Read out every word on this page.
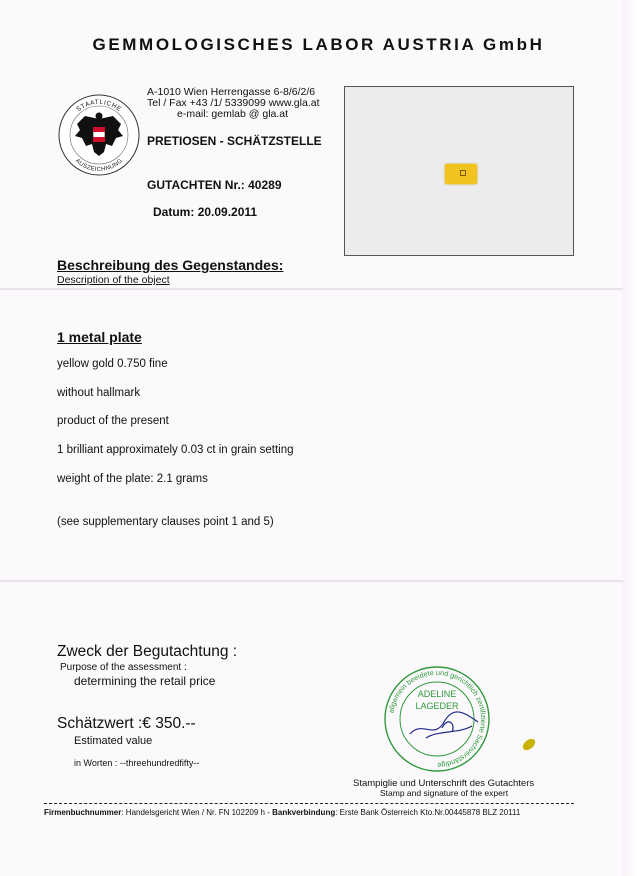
GEMMOLOGISCHES LABOR AUSTRIA GmbH
STAATLICHE
AUSZEICHNUNG
A-1010 Wien Herrengasse 6-8/6/2/6
Tel / Fax +43 /1/ 5339099 www.gla.at
e-mail: gemlab @ gla.at
PRETIOSEN - SCHÄTZSTELLE
GUTACHTEN Nr.: 40289
Datum: 20.09.2011
Beschreibung des Gegenstandes:
Description of the object
1 metal plate
yellow gold 0.750 fine
without hallmark
product of the present
1 brilliant approximately 0.03 ct in grain setting
weight of the plate: 2.1 grams
(see supplementary clauses point 1 and 5)
Zweck der Begutachtung :
Purpose of the assessment :
determining the retail price
Schätzwert :€ 350.--
Estimated value
in Worten : --threehundredfifty--
allgemein beeidete und gerichtlich zertifizierte Sachverständige
ADELINE
LAGEDER
Stampiglie und Unterschrift des Gutachters
Stamp and signature of the expert
Firmenbuchnummer: Handelsgericht Wien / Nr. FN 102209 h - Bankverbindung: Erste Bank Österreich Kto.Nr.00445878 BLZ 20111
